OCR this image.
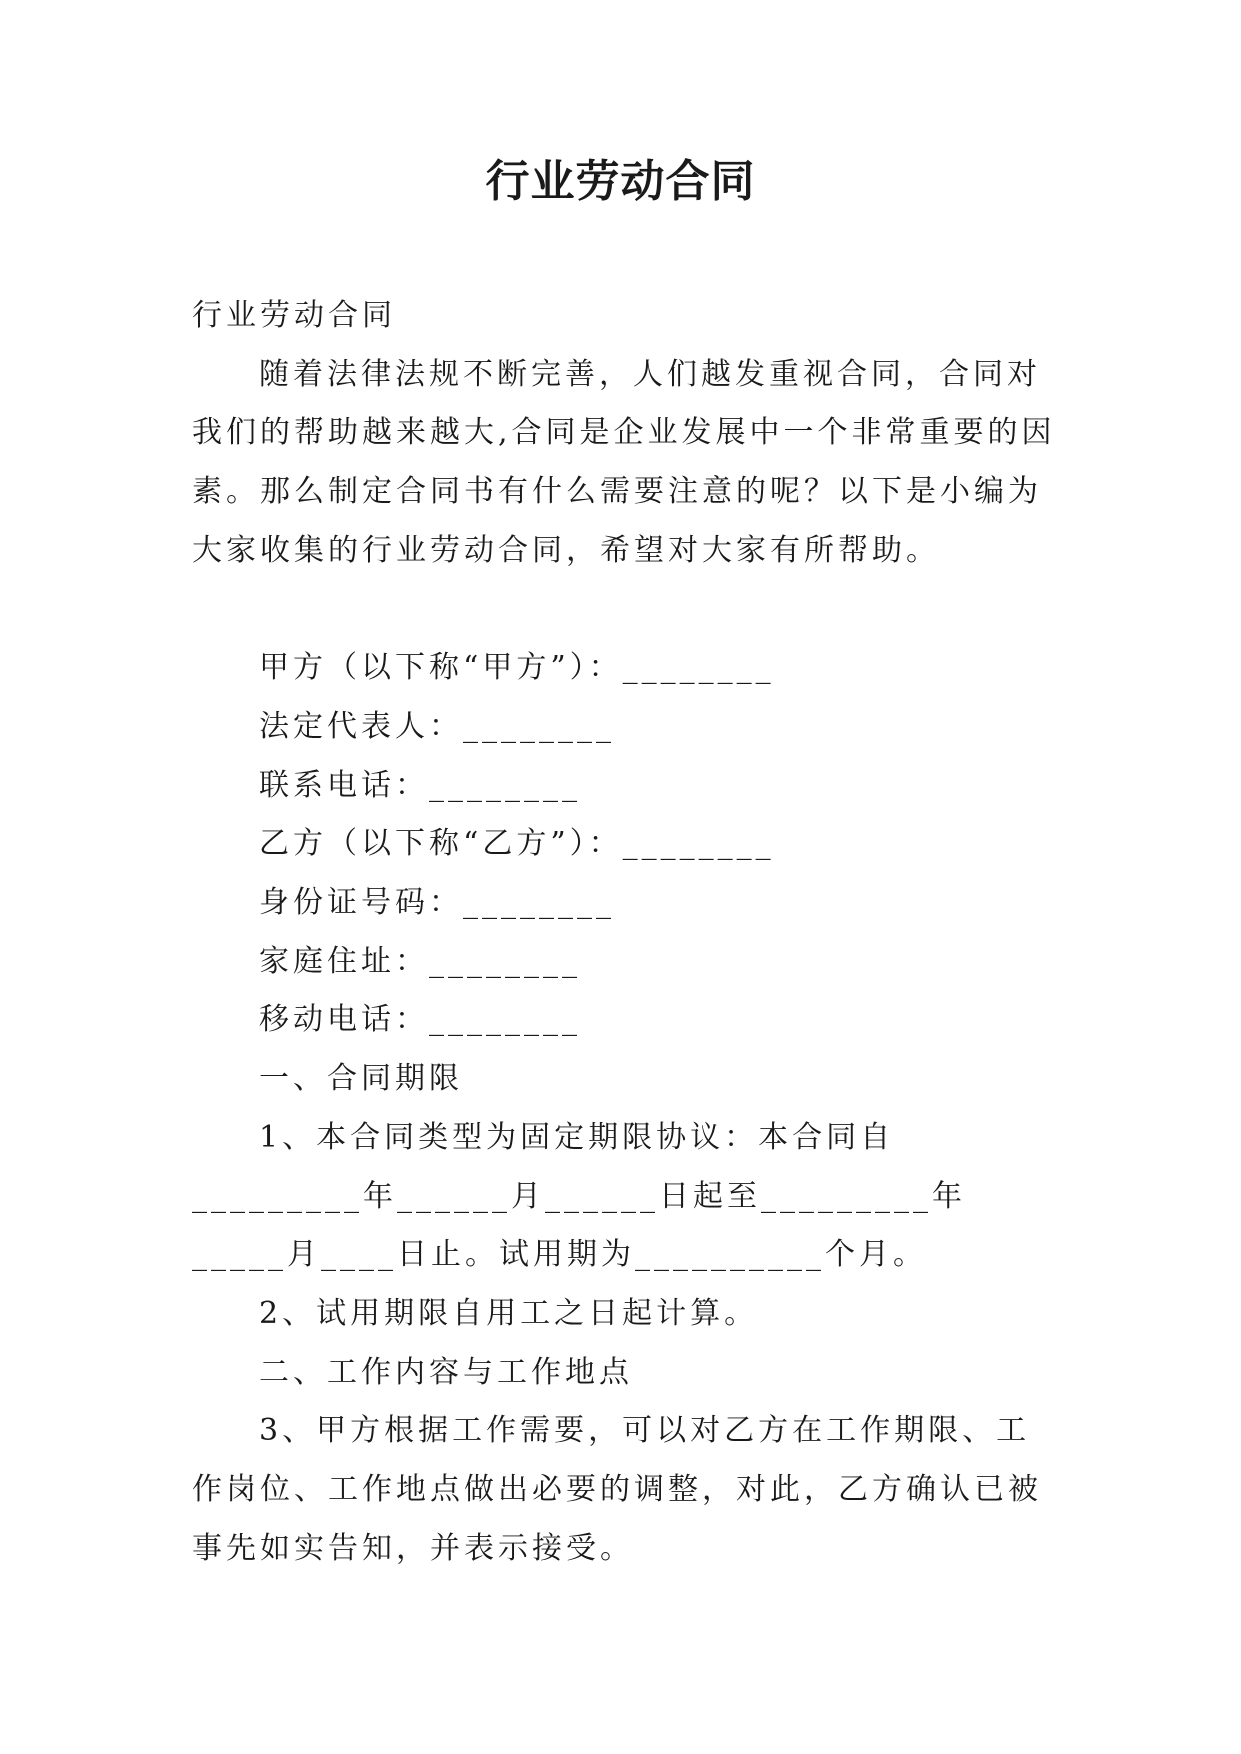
行业劳动合同

行业劳动合同

随着法律法规不断完善，人们越发重视合同，合同对我们的帮助越来越大,合同是企业发展中一个非常重要的因素。那么制定合同书有什么需要注意的呢？以下是小编为大家收集的行业劳动合同，希望对大家有所帮助。

甲方（以下称“甲方”）：________

法定代表人：________

联系电话：________

乙方（以下称“乙方”）：________

身份证号码：________

家庭住址：________

移动电话：________

一、合同期限

1、本合同类型为固定期限协议：本合同自_________年______月______日起至_________年_____月____日止。试用期为__________个月。

2、试用期限自用工之日起计算。

二、工作内容与工作地点

3、甲方根据工作需要，可以对乙方在工作期限、工作岗位、工作地点做出必要的调整，对此，乙方确认已被事先如实告知，并表示接受。
